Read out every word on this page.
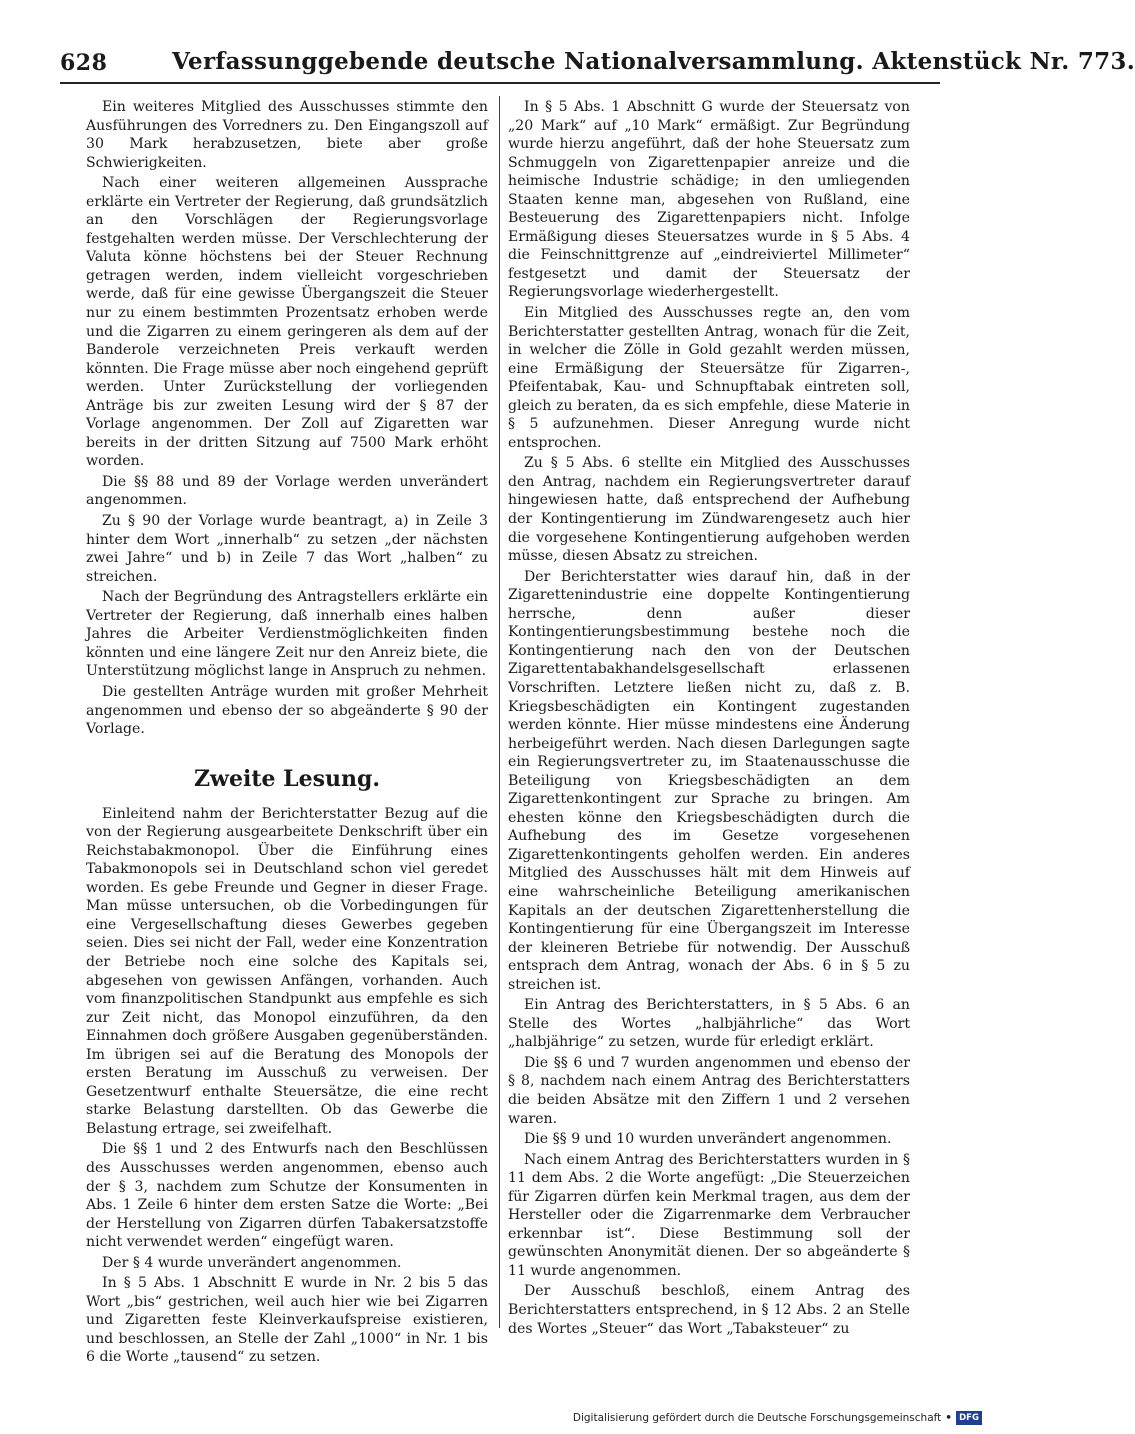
628	Verfassunggebende deutsche Nationalversammlung. Aktenstück Nr. 773.

Ein weiteres Mitglied des Ausschusses stimmte den Ausführungen des Vorredners zu. Den Eingangszoll auf 30 Mark herabzusetzen, biete aber große Schwierigkeiten.

Nach einer weiteren allgemeinen Aussprache erklärte ein Vertreter der Regierung, daß grundsätzlich an den Vorschlägen der Regierungsvorlage festgehalten werden müsse. Der Verschlechterung der Valuta könne höchstens bei der Steuer Rechnung getragen werden, indem vielleicht vorgeschrieben werde, daß für eine gewisse Übergangszeit die Steuer nur zu einem bestimmten Prozentsatz erhoben werde und die Zigarren zu einem geringeren als dem auf der Banderole verzeichneten Preis verkauft werden könnten. Die Frage müsse aber noch eingehend geprüft werden. Unter Zurückstellung der vorliegenden Anträge bis zur zweiten Lesung wird der § 87 der Vorlage angenommen. Der Zoll auf Zigaretten war bereits in der dritten Sitzung auf 7500 Mark erhöht worden.

Die §§ 88 und 89 der Vorlage werden unverändert angenommen.

Zu § 90 der Vorlage wurde beantragt, a) in Zeile 3 hinter dem Wort „innerhalb“ zu setzen „der nächsten zwei Jahre“ und b) in Zeile 7 das Wort „halben“ zu streichen.

Nach der Begründung des Antragstellers erklärte ein Vertreter der Regierung, daß innerhalb eines halben Jahres die Arbeiter Verdienstmöglichkeiten finden könnten und eine längere Zeit nur den Anreiz biete, die Unterstützung möglichst lange in Anspruch zu nehmen.

Die gestellten Anträge wurden mit großer Mehrheit angenommen und ebenso der so abgeänderte § 90 der Vorlage.

Zweite Lesung.

Einleitend nahm der Berichterstatter Bezug auf die von der Regierung ausgearbeitete Denkschrift über ein Reichstabakmonopol. Über die Einführung eines Tabakmonopols sei in Deutschland schon viel geredet worden. Es gebe Freunde und Gegner in dieser Frage. Man müsse untersuchen, ob die Vorbedingungen für eine Vergesellschaftung dieses Gewerbes gegeben seien. Dies sei nicht der Fall, weder eine Konzentration der Betriebe noch eine solche des Kapitals sei, abgesehen von gewissen Anfängen, vorhanden. Auch vom finanzpolitischen Standpunkt aus empfehle es sich zur Zeit nicht, das Monopol einzuführen, da den Einnahmen doch größere Ausgaben gegenüberständen. Im übrigen sei auf die Beratung des Monopols der ersten Beratung im Ausschuß zu verweisen. Der Gesetzentwurf enthalte Steuersätze, die eine recht starke Belastung darstellten. Ob das Gewerbe die Belastung ertrage, sei zweifelhaft.

Die §§ 1 und 2 des Entwurfs nach den Beschlüssen des Ausschusses werden angenommen, ebenso auch der § 3, nachdem zum Schutze der Konsumenten in Abs. 1 Zeile 6 hinter dem ersten Satze die Worte: „Bei der Herstellung von Zigarren dürfen Tabakersatzstoffe nicht verwendet werden“ eingefügt waren.

Der § 4 wurde unverändert angenommen.

In § 5 Abs. 1 Abschnitt E wurde in Nr. 2 bis 5 das Wort „bis“ gestrichen, weil auch hier wie bei Zigarren und Zigaretten feste Kleinverkaufspreise existieren, und beschlossen, an Stelle der Zahl „1000“ in Nr. 1 bis 6 die Worte „tausend“ zu setzen.

In § 5 Abs. 1 Abschnitt G wurde der Steuersatz von „20 Mark“ auf „10 Mark“ ermäßigt. Zur Begründung wurde hierzu angeführt, daß der hohe Steuersatz zum Schmuggeln von Zigarettenpapier anreize und die heimische Industrie schädige; in den umliegenden Staaten kenne man, abgesehen von Rußland, eine Besteuerung des Zigarettenpapiers nicht. Infolge Ermäßigung dieses Steuersatzes wurde in § 5 Abs. 4 die Feinschnittgrenze auf „eindreiviertel Millimeter“ festgesetzt und damit der Steuersatz der Regierungsvorlage wiederhergestellt.

Ein Mitglied des Ausschusses regte an, den vom Berichterstatter gestellten Antrag, wonach für die Zeit, in welcher die Zölle in Gold gezahlt werden müssen, eine Ermäßigung der Steuersätze für Zigarren-, Pfeifentabak, Kau- und Schnupftabak eintreten soll, gleich zu beraten, da es sich empfehle, diese Materie in § 5 aufzunehmen. Dieser Anregung wurde nicht entsprochen.

Zu § 5 Abs. 6 stellte ein Mitglied des Ausschusses den Antrag, nachdem ein Regierungsvertreter darauf hingewiesen hatte, daß entsprechend der Aufhebung der Kontingentierung im Zündwarengesetz auch hier die vorgesehene Kontingentierung aufgehoben werden müsse, diesen Absatz zu streichen.

Der Berichterstatter wies darauf hin, daß in der Zigarettenindustrie eine doppelte Kontingentierung herrsche, denn außer dieser Kontingentierungsbestimmung bestehe noch die Kontingentierung nach den von der Deutschen Zigarettentabakhandelsgesellschaft erlassenen Vorschriften. Letztere ließen nicht zu, daß z. B. Kriegsbeschädigten ein Kontingent zugestanden werden könnte. Hier müsse mindestens eine Änderung herbeigeführt werden. Nach diesen Darlegungen sagte ein Regierungsvertreter zu, im Staatenausschusse die Beteiligung von Kriegsbeschädigten an dem Zigarettenkontingent zur Sprache zu bringen. Am ehesten könne den Kriegsbeschädigten durch die Aufhebung des im Gesetze vorgesehenen Zigarettenkontingents geholfen werden. Ein anderes Mitglied des Ausschusses hält mit dem Hinweis auf eine wahrscheinliche Beteiligung amerikanischen Kapitals an der deutschen Zigarettenherstellung die Kontingentierung für eine Übergangszeit im Interesse der kleineren Betriebe für notwendig. Der Ausschuß entsprach dem Antrag, wonach der Abs. 6 in § 5 zu streichen ist.

Ein Antrag des Berichterstatters, in § 5 Abs. 6 an Stelle des Wortes „halbjährliche“ das Wort „halbjährige“ zu setzen, wurde für erledigt erklärt.

Die §§ 6 und 7 wurden angenommen und ebenso der § 8, nachdem nach einem Antrag des Berichterstatters die beiden Absätze mit den Ziffern 1 und 2 versehen waren.

Die §§ 9 und 10 wurden unverändert angenommen.

Nach einem Antrag des Berichterstatters wurden in § 11 dem Abs. 2 die Worte angefügt: „Die Steuerzeichen für Zigarren dürfen kein Merkmal tragen, aus dem der Hersteller oder die Zigarrenmarke dem Verbraucher erkennbar ist“. Diese Bestimmung soll der gewünschten Anonymität dienen. Der so abgeänderte § 11 wurde angenommen.

Der Ausschuß beschloß, einem Antrag des Berichterstatters entsprechend, in § 12 Abs. 2 an Stelle des Wortes „Steuer“ das Wort „Tabaksteuer“ zu

Digitalisierung gefördert durch die Deutsche Forschungsgemeinschaft • DFG
